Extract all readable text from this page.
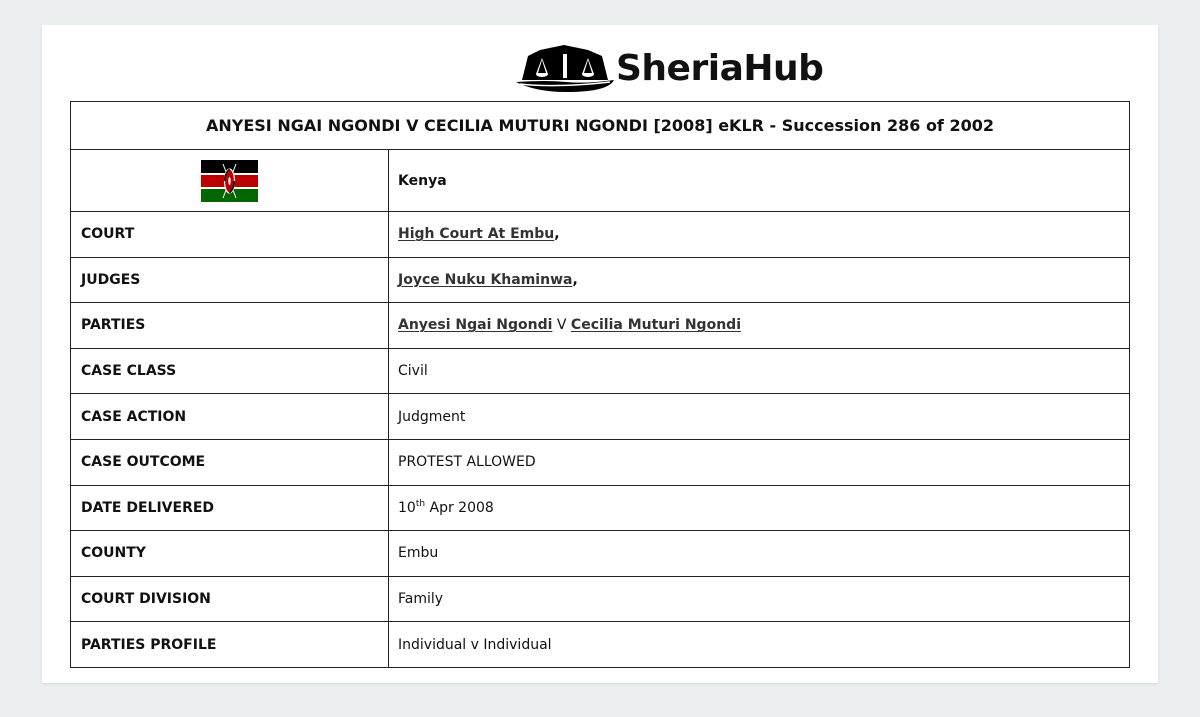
SheriaHub
ANYESI NGAI NGONDI V CECILIA MUTURI NGONDI [2008] eKLR - Succession 286 of 2002	
	Kenya
COURT	High Court At Embu,
JUDGES	Joyce Nuku Khaminwa,
PARTIES	Anyesi Ngai Ngondi V Cecilia Muturi Ngondi
CASE CLASS	Civil
CASE ACTION	Judgment
CASE OUTCOME	PROTEST ALLOWED
DATE DELIVERED	10th Apr 2008
COUNTY	Embu
COURT DIVISION	Family
PARTIES PROFILE	Individual v Individual
